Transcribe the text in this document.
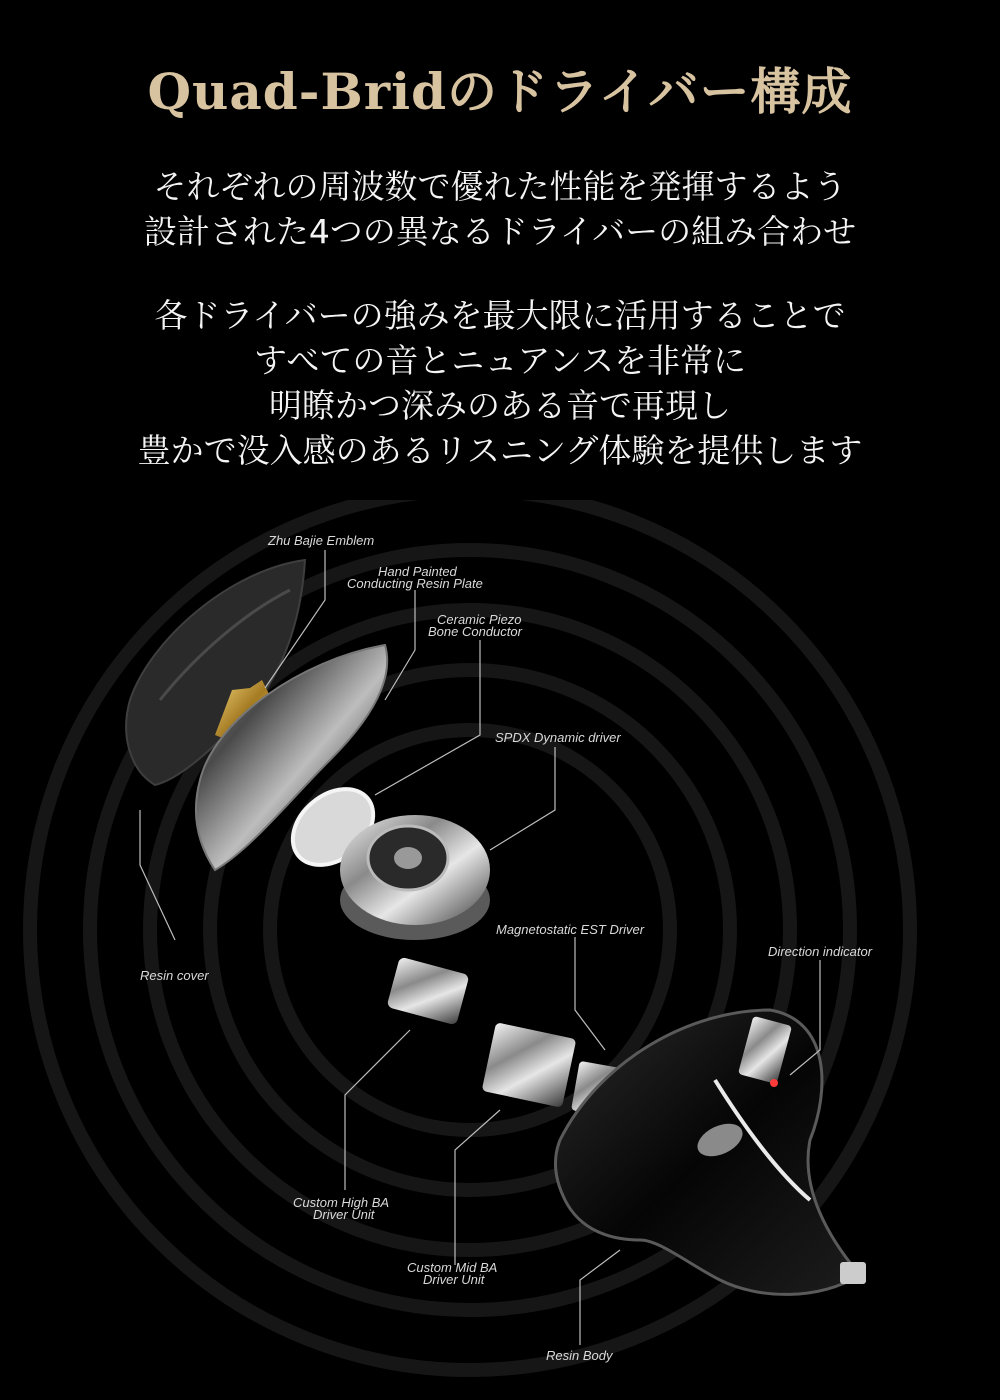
Quad-Bridのドライバー構成
それぞれの周波数で優れた性能を発揮するよう
設計された4つの異なるドライバーの組み合わせ
各ドライバーの強みを最大限に活用することで
すべての音とニュアンスを非常に
明瞭かつ深みのある音で再現し
豊かで没入感のあるリスニング体験を提供します
Zhu Bajie Emblem
Hand Painted
Conducting Resin Plate
Ceramic Piezo
Bone Conductor
SPDX Dynamic driver
Magnetostatic EST Driver
Direction indicator
Resin cover
Custom High BA
Driver Unit
Custom Mid BA
Driver Unit
Resin Body
